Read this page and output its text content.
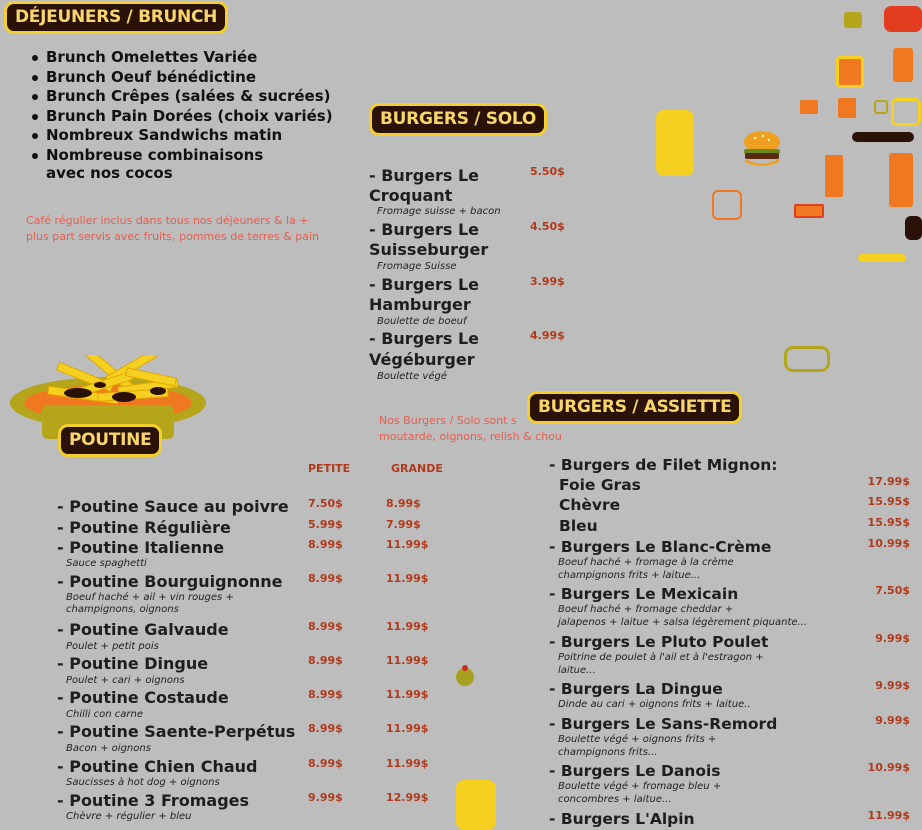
DÉJEUNERS / BRUNCH
Brunch Omelettes Variée
Brunch Oeuf bénédictine
Brunch Crêpes (salées & sucrées)
Brunch Pain Dorées (choix variés)
Nombreux Sandwichs matin
Nombreuse combinaisons
avec nos cocos
Café régulier inclus dans tous nos déjeuners & la + plus part servis avec fruits, pommes de terres & pain
BURGERS / SOLO
- Burgers Le
Croquant
Fromage suisse + bacon
5.50$
- Burgers Le
Suisseburger
Fromage Suisse
4.50$
- Burgers Le
Hamburger
Boulette de boeuf
3.99$
- Burgers Le
Végéburger
Boulette végé
4.99$
Nos Burgers / Solo sont s
moutarde, oignons, relish & chou
POUTINE
PETITE	GRANDE
- Poutine Sauce au poivre 7.50$	8.99$
- Poutine Régulière	5.99$	7.99$
- Poutine Italienne
Sauce spaghetti
8.99$	11.99$
- Poutine Bourguignonne
Boeuf haché + ail + vin rouges +
champignons, oignons
8.99$	11.99$
- Poutine Galvaude
Poulet + petit pois
8.99$	11.99$
- Poutine Dingue
Poulet + cari + oignons
8.99$	11.99$
- Poutine Costaude
Chilli con carne
8.99$	11.99$
- Poutine Saente-Perpétus
Bacon + oignons
8.99$	11.99$
- Poutine Chien Chaud
Saucisses à hot dog + oignons
8.99$	11.99$
- Poutine 3 Fromages
Chèvre + régulier + bleu
9.99$	12.99$
BURGERS / ASSIETTE
- Burgers de Filet Mignon:
Foie Gras	17.99$
Chèvre	15.95$
Bleu	15.95$
- Burgers Le Blanc-Crème
Boeuf haché + fromage à la crème
champignons frits + laitue...
10.99$
- Burgers Le Mexicain
Boeuf haché + fromage cheddar +
jalapenos + laitue + salsa légèrement piquante...
7.50$
- Burgers Le Pluto Poulet
Poitrine de poulet à l'ail et à l'estragon +
laitue...
9.99$
- Burgers La Dingue
Dinde au cari + oignons frits + laitue..
9.99$
- Burgers Le Sans-Remord
Boulette végé + oignons frits +
champignons frits...
9.99$
- Burgers Le Danois
Boulette végé + fromage bleu +
concombres + laitue...
10.99$
- Burgers L'Alpin	11.99$
